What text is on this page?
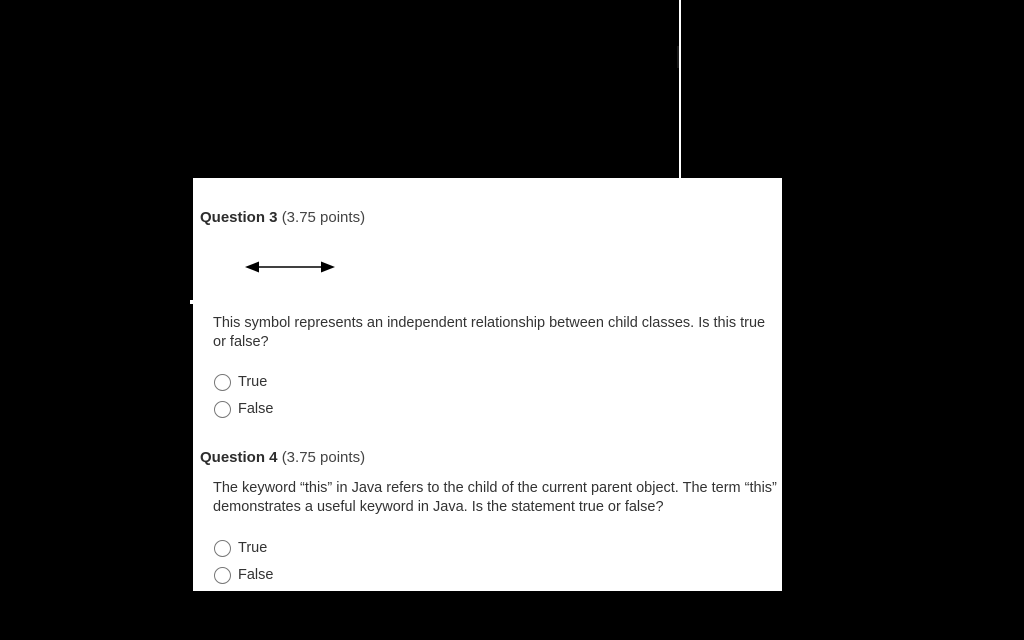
Question 3 (3.75 points)
This symbol represents an independent relationship between child classes. Is this true or false?
True
False
Question 4 (3.75 points)
The keyword “this” in Java refers to the child of the current parent object. The term “this” demonstrates a useful keyword in Java. Is the statement true or false?
True
False
